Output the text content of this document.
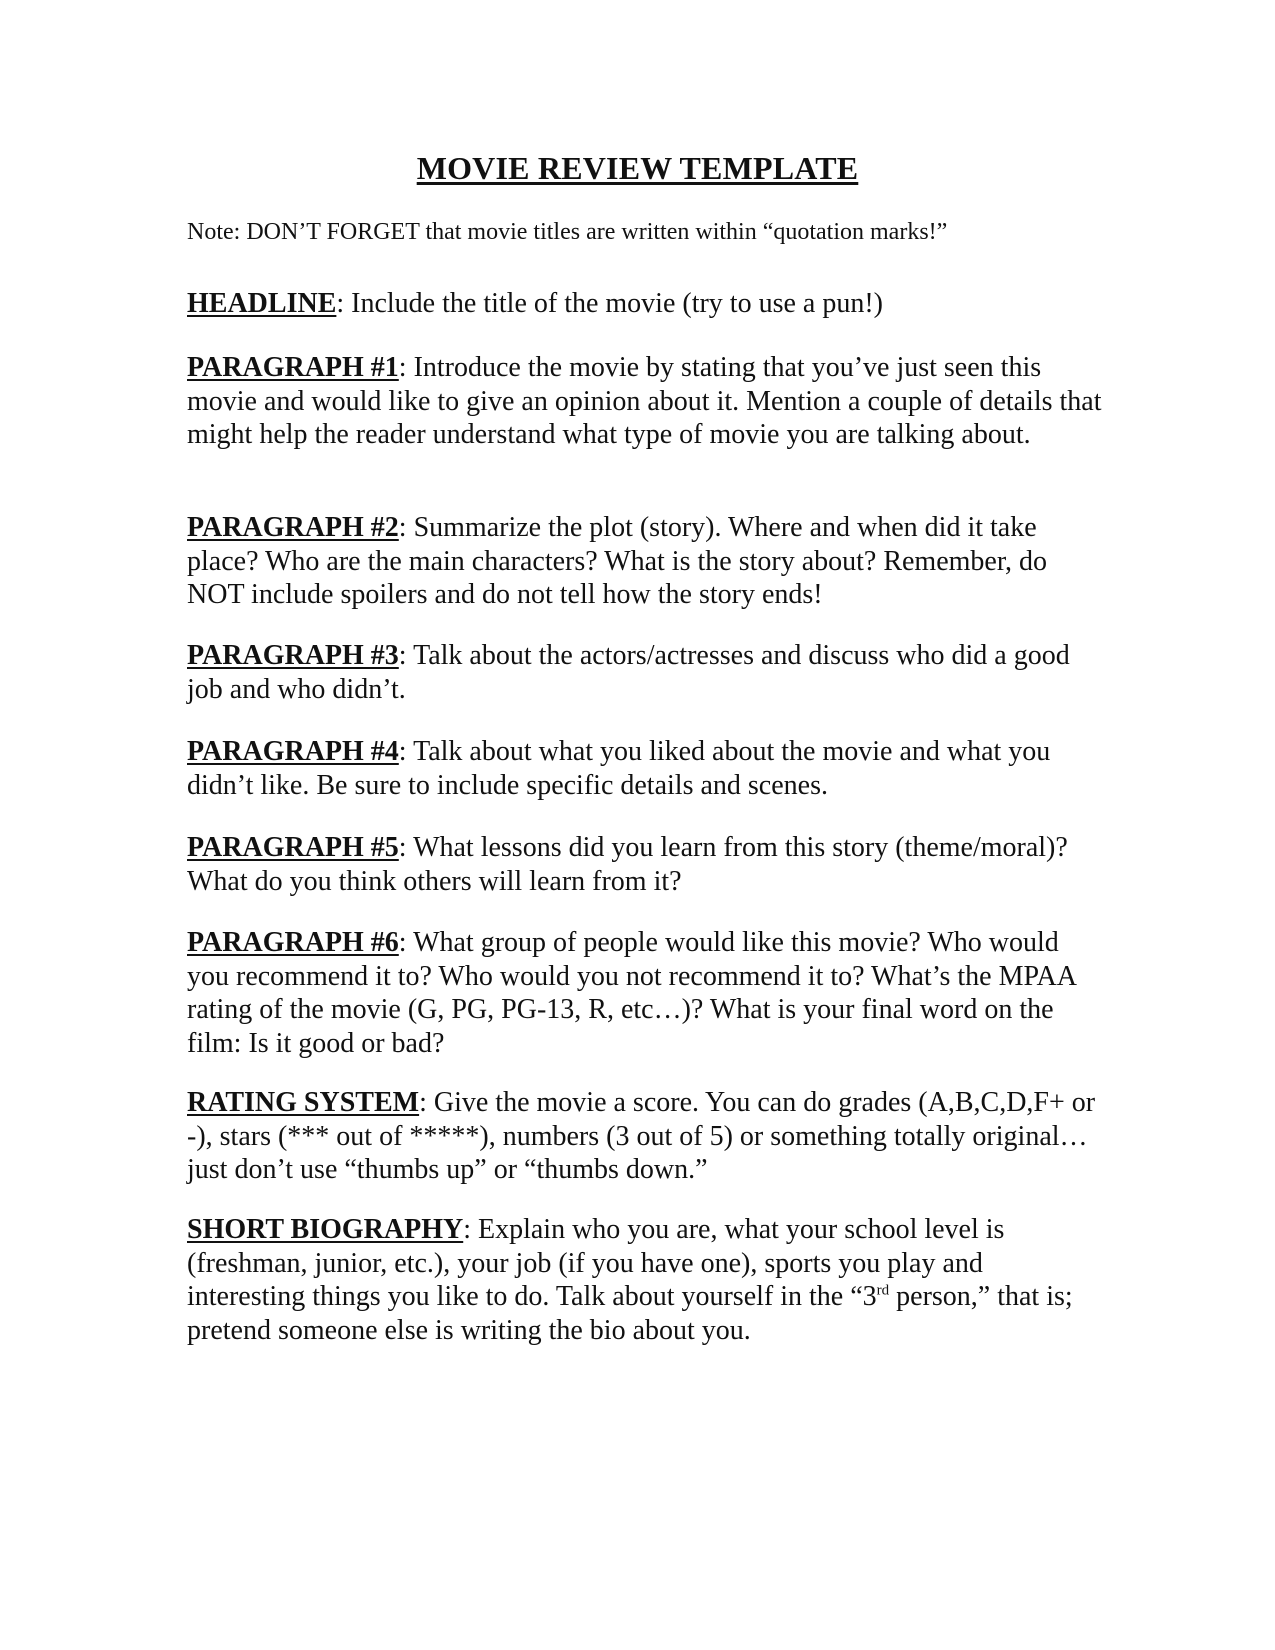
MOVIE REVIEW TEMPLATE

Note: DON’T FORGET that movie titles are written within “quotation marks!”

HEADLINE: Include the title of the movie (try to use a pun!)

PARAGRAPH #1: Introduce the movie by stating that you’ve just seen this movie and would like to give an opinion about it. Mention a couple of details that might help the reader understand what type of movie you are talking about.

PARAGRAPH #2: Summarize the plot (story). Where and when did it take place? Who are the main characters? What is the story about? Remember, do NOT include spoilers and do not tell how the story ends!

PARAGRAPH #3: Talk about the actors/actresses and discuss who did a good job and who didn’t.

PARAGRAPH #4: Talk about what you liked about the movie and what you didn’t like. Be sure to include specific details and scenes.

PARAGRAPH #5: What lessons did you learn from this story (theme/moral)? What do you think others will learn from it?

PARAGRAPH #6: What group of people would like this movie? Who would you recommend it to? Who would you not recommend it to? What’s the MPAA rating of the movie (G, PG, PG-13, R, etc…)? What is your final word on the film: Is it good or bad?

RATING SYSTEM: Give the movie a score. You can do grades (A,B,C,D,F+ or -), stars (*** out of *****), numbers (3 out of 5) or something totally original… just don’t use “thumbs up” or “thumbs down.”

SHORT BIOGRAPHY: Explain who you are, what your school level is (freshman, junior, etc.), your job (if you have one), sports you play and interesting things you like to do. Talk about yourself in the “3rd person,” that is; pretend someone else is writing the bio about you.
